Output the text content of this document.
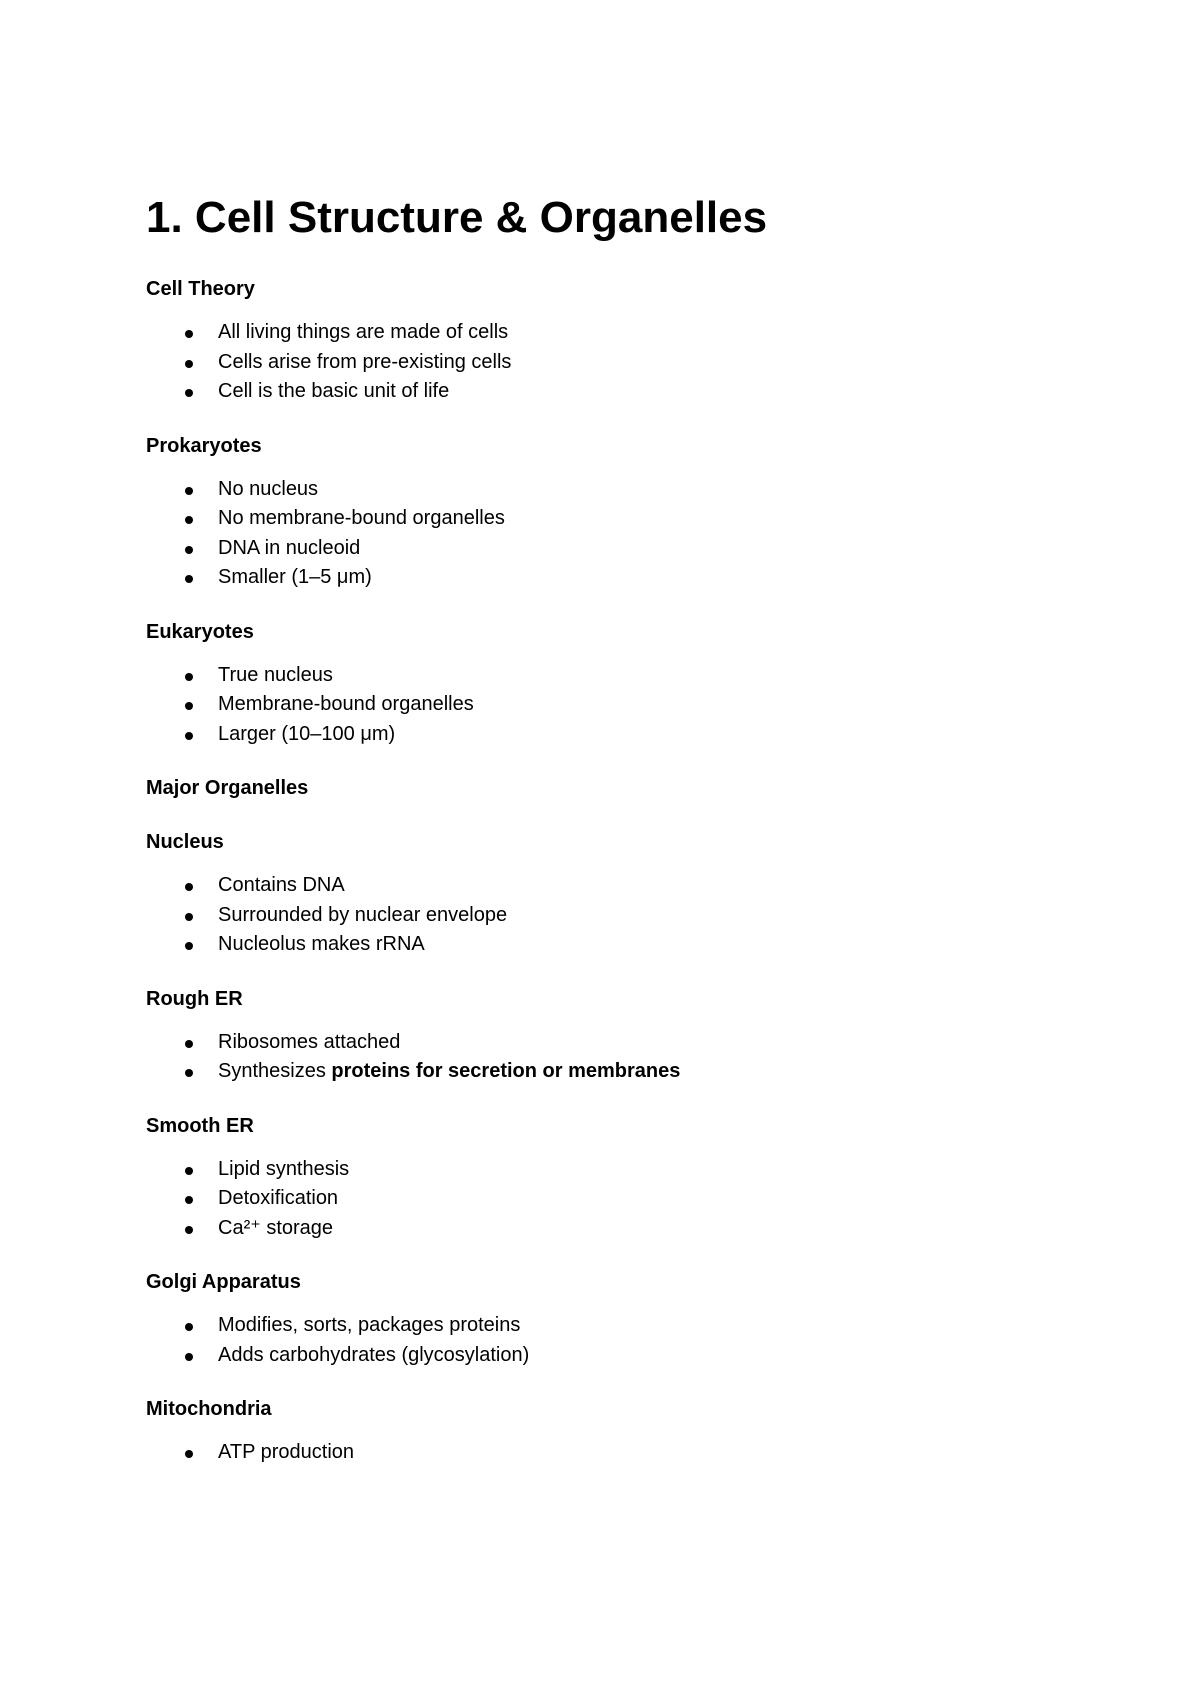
1. Cell Structure & Organelles
Cell Theory
All living things are made of cells
Cells arise from pre-existing cells
Cell is the basic unit of life
Prokaryotes
No nucleus
No membrane-bound organelles
DNA in nucleoid
Smaller (1–5 μm)
Eukaryotes
True nucleus
Membrane-bound organelles
Larger (10–100 μm)
Major Organelles
Nucleus
Contains DNA
Surrounded by nuclear envelope
Nucleolus makes rRNA
Rough ER
Ribosomes attached
Synthesizes proteins for secretion or membranes
Smooth ER
Lipid synthesis
Detoxification
Ca²⁺ storage
Golgi Apparatus
Modifies, sorts, packages proteins
Adds carbohydrates (glycosylation)
Mitochondria
ATP production
